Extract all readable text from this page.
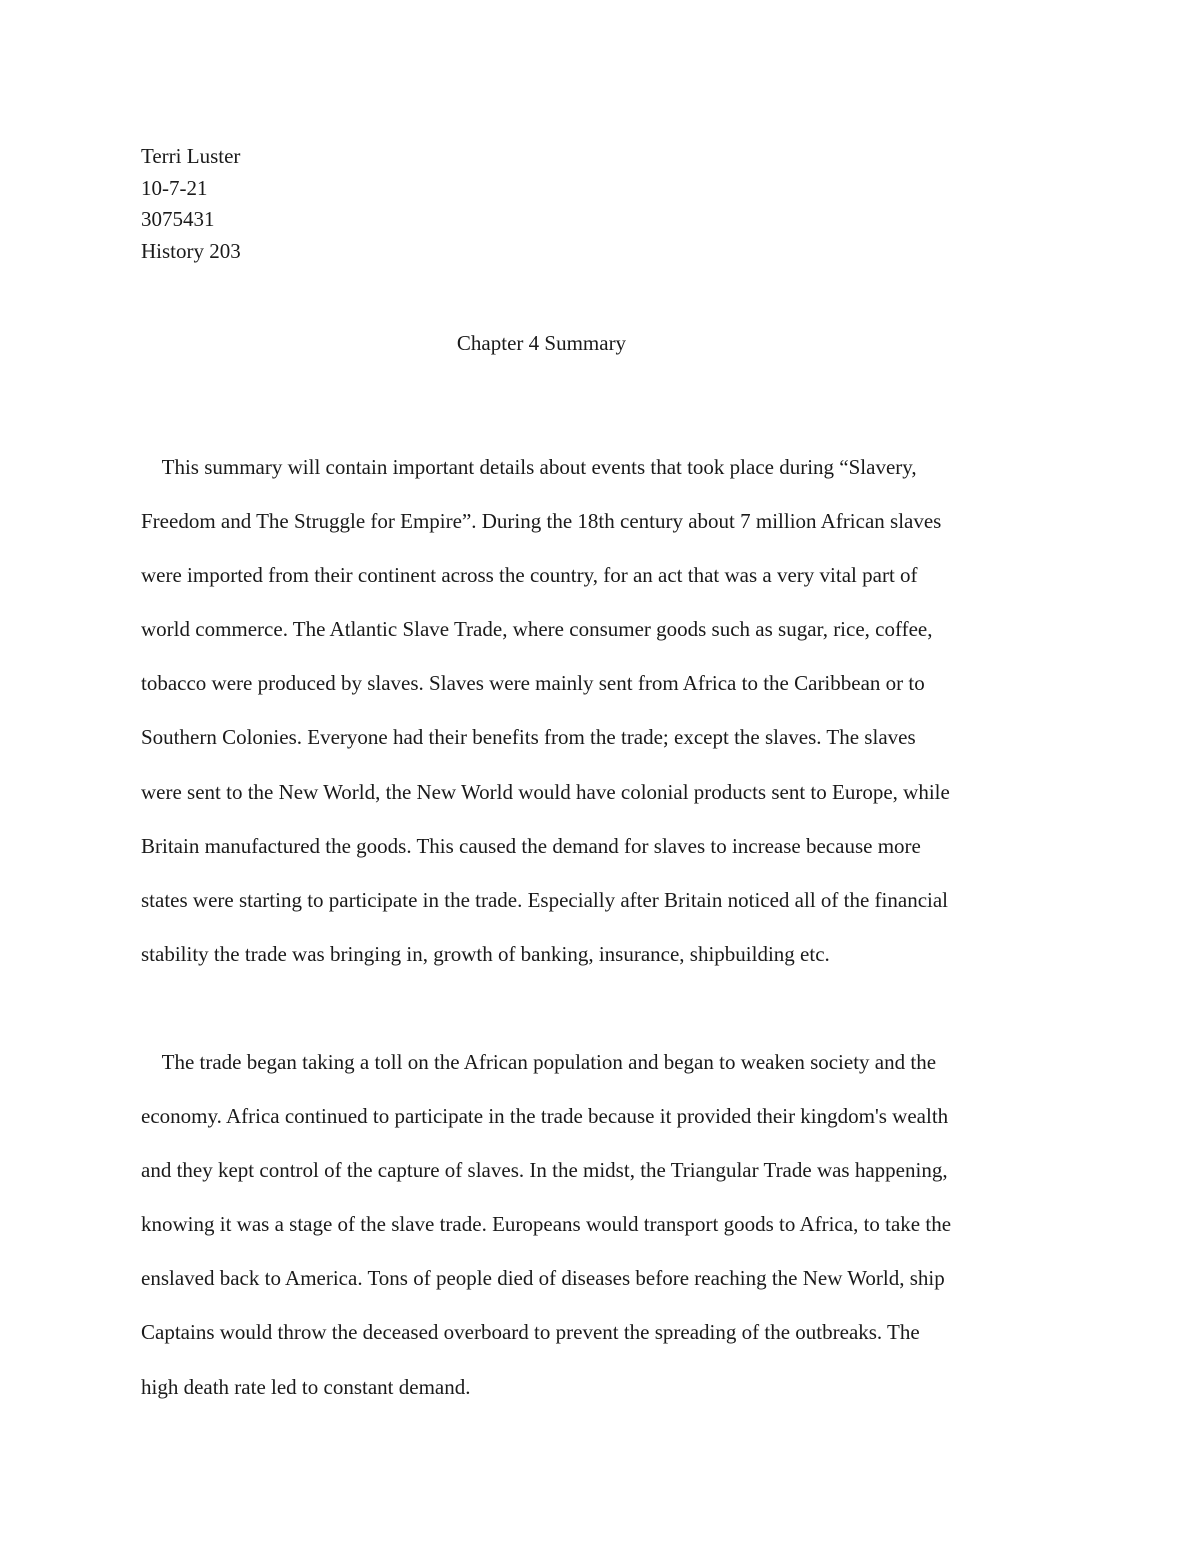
Terri Luster
10-7-21
3075431
History 203
Chapter 4 Summary
This summary will contain important details about events that took place during “Slavery,
Freedom and The Struggle for Empire”. During the 18th century about 7 million African slaves
were imported from their continent across the country, for an act that was a very vital part of
world commerce. The Atlantic Slave Trade, where consumer goods such as sugar, rice, coffee,
tobacco were produced by slaves. Slaves were mainly sent from Africa to the Caribbean or to
Southern Colonies. Everyone had their benefits from the trade; except the slaves. The slaves
were sent to the New World, the New World would have colonial products sent to Europe, while
Britain manufactured the goods. This caused the demand for slaves to increase because more
states were starting to participate in the trade. Especially after Britain noticed all of the financial
stability the trade was bringing in, growth of banking, insurance, shipbuilding etc.
The trade began taking a toll on the African population and began to weaken society and the
economy. Africa continued to participate in the trade because it provided their kingdom's wealth
and they kept control of the capture of slaves. In the midst, the Triangular Trade was happening,
knowing it was a stage of the slave trade. Europeans would transport goods to Africa, to take the
enslaved back to America. Tons of people died of diseases before reaching the New World, ship
Captains would throw the deceased overboard to prevent the spreading of the outbreaks. The
high death rate led to constant demand.
